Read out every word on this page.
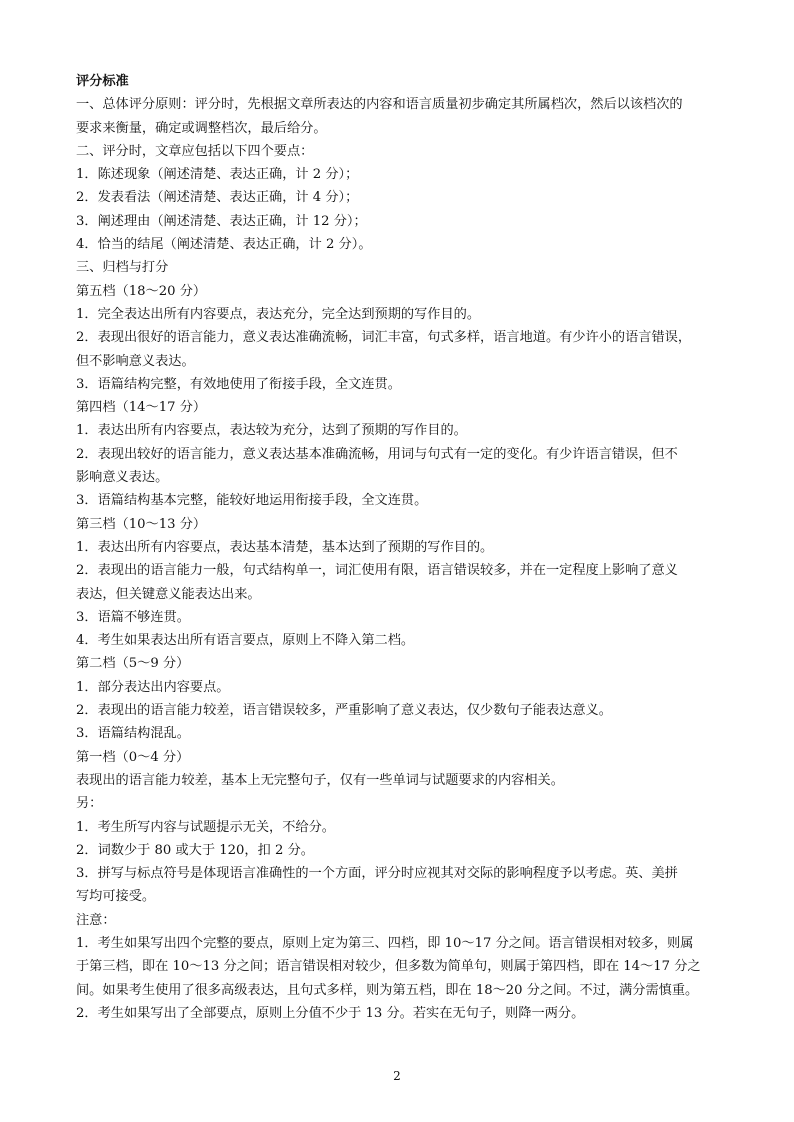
评分标准
一、总体评分原则：评分时，先根据文章所表达的内容和语言质量初步确定其所属档次，然后以该档次的
要求来衡量，确定或调整档次，最后给分。
二、评分时，文章应包括以下四个要点：
1．陈述现象（阐述清楚、表达正确，计 2 分）；
2．发表看法（阐述清楚、表达正确，计 4 分）；
3．阐述理由（阐述清楚、表达正确，计 12 分）；
4．恰当的结尾（阐述清楚、表达正确，计 2 分）。
三、归档与打分
第五档（18～20 分）
1．完全表达出所有内容要点，表达充分，完全达到预期的写作目的。
2．表现出很好的语言能力，意义表达准确流畅，词汇丰富，句式多样，语言地道。有少许小的语言错误，
但不影响意义表达。
3．语篇结构完整，有效地使用了衔接手段，全文连贯。
第四档（14～17 分）
1．表达出所有内容要点，表达较为充分，达到了预期的写作目的。
2．表现出较好的语言能力，意义表达基本准确流畅，用词与句式有一定的变化。有少许语言错误，但不
影响意义表达。
3．语篇结构基本完整，能较好地运用衔接手段，全文连贯。
第三档（10～13 分）
1．表达出所有内容要点，表达基本清楚，基本达到了预期的写作目的。
2．表现出的语言能力一般，句式结构单一，词汇使用有限，语言错误较多，并在一定程度上影响了意义
表达，但关键意义能表达出来。
3．语篇不够连贯。
4．考生如果表达出所有语言要点，原则上不降入第二档。
第二档（5～9 分）
1．部分表达出内容要点。
2．表现出的语言能力较差，语言错误较多，严重影响了意义表达，仅少数句子能表达意义。
3．语篇结构混乱。
第一档（0～4 分）
表现出的语言能力较差，基本上无完整句子，仅有一些单词与试题要求的内容相关。
另：
1．考生所写内容与试题提示无关，不给分。
2．词数少于 80 或大于 120，扣 2 分。
3．拼写与标点符号是体现语言准确性的一个方面，评分时应视其对交际的影响程度予以考虑。英、美拼
写均可接受。
注意：
1．考生如果写出四个完整的要点，原则上定为第三、四档，即 10～17 分之间。语言错误相对较多，则属
于第三档，即在 10～13 分之间；语言错误相对较少，但多数为简单句，则属于第四档，即在 14～17 分之
间。如果考生使用了很多高级表达，且句式多样，则为第五档，即在 18～20 分之间。不过，满分需慎重。
2．考生如果写出了全部要点，原则上分值不少于 13 分。若实在无句子，则降一两分。
2
